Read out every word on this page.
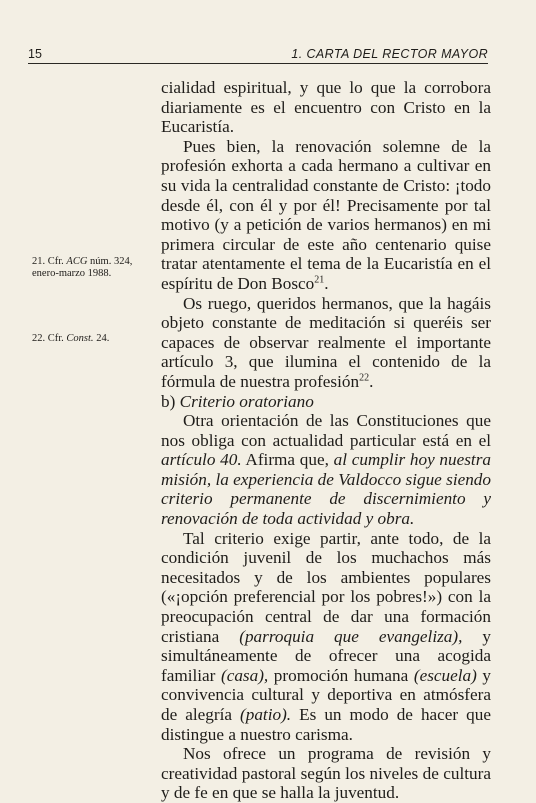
15	1. CARTA DEL RECTOR MAYOR

cialidad espiritual, y que lo que la corrobora diariamente es el encuentro con Cristo en la Eucaristía.

Pues bien, la renovación solemne de la profesión exhorta a cada hermano a cultivar en su vida la centralidad constante de Cristo: ¡todo desde él, con él y por él! Precisamente por tal motivo (y a petición de varios hermanos) en mi primera circular de este año centenario quise tratar atentamente el tema de la Eucaristía en el espíritu de Don Bosco$^{21}$.

Os ruego, queridos hermanos, que la hagáis objeto constante de meditación si queréis ser capaces de observar realmente el importante artículo 3, que ilumina el contenido de la fórmula de nuestra profesión$^{22}$.

b) Criterio oratoriano

Otra orientación de las Constituciones que nos obliga con actualidad particular está en el artículo 40. Afirma que, al cumplir hoy nuestra misión, la experiencia de Valdocco sigue siendo criterio permanente de discernimiento y renovación de toda actividad y obra.

Tal criterio exige partir, ante todo, de la condición juvenil de los muchachos más necesitados y de los ambientes populares («¡opción preferencial por los pobres!») con la preocupación central de dar una formación cristiana (parroquia que evangeliza), y simultáneamente de ofrecer una acogida familiar (casa), promoción humana (escuela) y convivencia cultural y deportiva en atmósfera de alegría (patio). Es un modo de hacer que distingue a nuestro carisma.

Nos ofrece un programa de revisión y creatividad pastoral según los niveles de cultura y de fe en que se halla la juventud.

21. Cfr. ACG núm. 324, enero-marzo 1988.
22. Cfr. Const. 24.
